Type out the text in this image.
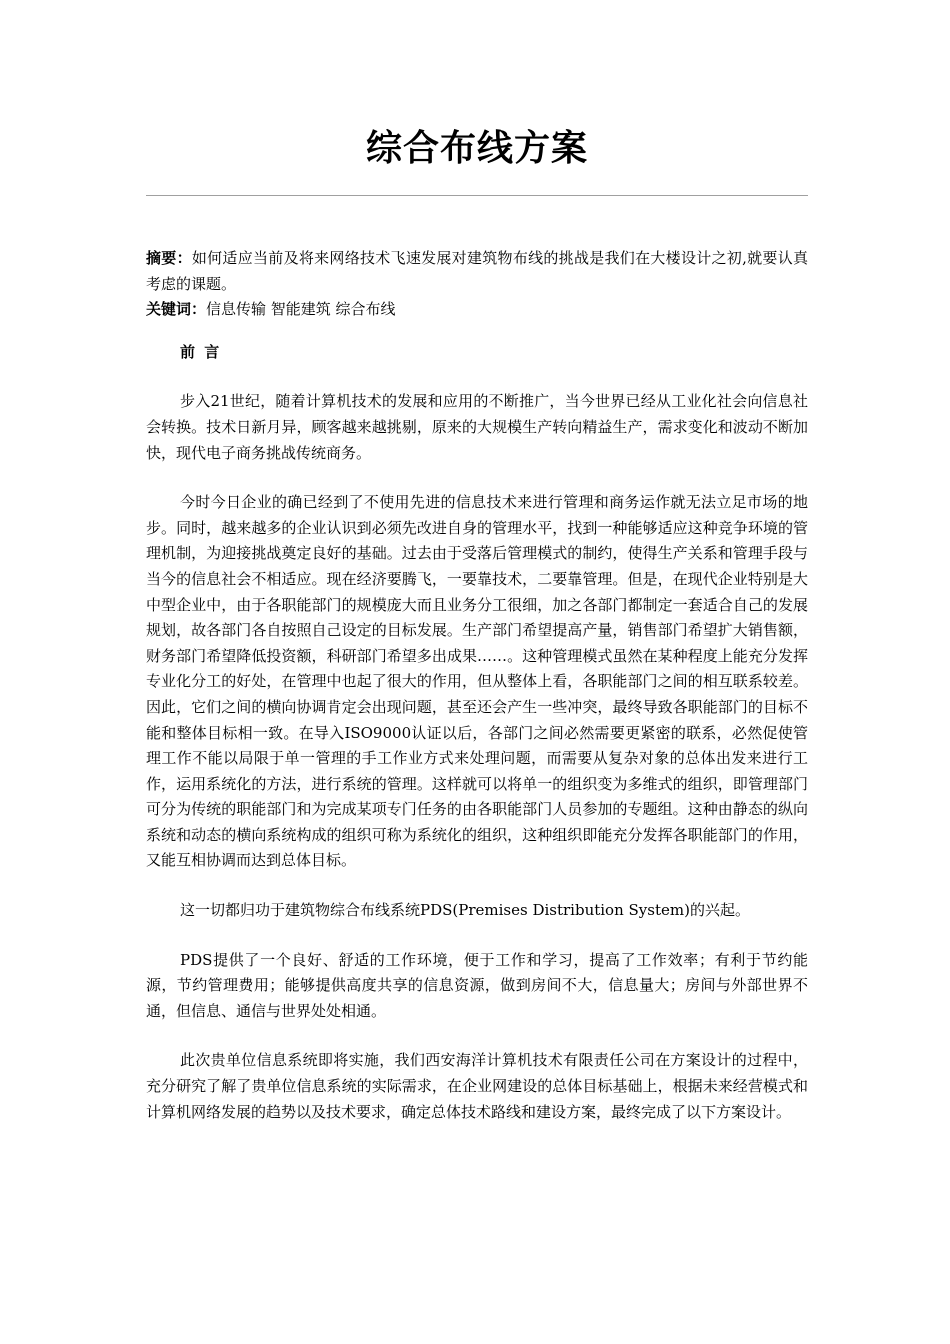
综合布线方案

摘要：如何适应当前及将来网络技术飞速发展对建筑物布线的挑战是我们在大楼设计之初,就要认真考虑的课题。

关键词：信息传输 智能建筑 综合布线

前 言

步入21世纪，随着计算机技术的发展和应用的不断推广，当今世界已经从工业化社会向信息社会转换。技术日新月异，顾客越来越挑剔，原来的大规模生产转向精益生产，需求变化和波动不断加快，现代电子商务挑战传统商务。

今时今日企业的确已经到了不使用先进的信息技术来进行管理和商务运作就无法立足市场的地步。同时，越来越多的企业认识到必须先改进自身的管理水平，找到一种能够适应这种竞争环境的管理机制，为迎接挑战奠定良好的基础。过去由于受落后管理模式的制约，使得生产关系和管理手段与当今的信息社会不相适应。现在经济要腾飞，一要靠技术，二要靠管理。但是，在现代企业特别是大中型企业中，由于各职能部门的规模庞大而且业务分工很细，加之各部门都制定一套适合自己的发展规划，故各部门各自按照自己设定的目标发展。生产部门希望提高产量，销售部门希望扩大销售额，财务部门希望降低投资额，科研部门希望多出成果……。这种管理模式虽然在某种程度上能充分发挥专业化分工的好处，在管理中也起了很大的作用，但从整体上看，各职能部门之间的相互联系较差。因此，它们之间的横向协调肯定会出现问题，甚至还会产生一些冲突，最终导致各职能部门的目标不能和整体目标相一致。在导入ISO9000认证以后，各部门之间必然需要更紧密的联系，必然促使管理工作不能以局限于单一管理的手工作业方式来处理问题，而需要从复杂对象的总体出发来进行工作，运用系统化的方法，进行系统的管理。这样就可以将单一的组织变为多维式的组织，即管理部门可分为传统的职能部门和为完成某项专门任务的由各职能部门人员参加的专题组。这种由静态的纵向系统和动态的横向系统构成的组织可称为系统化的组织，这种组织即能充分发挥各职能部门的作用，又能互相协调而达到总体目标。

这一切都归功于建筑物综合布线系统PDS(Premises Distribution System)的兴起。

PDS提供了一个良好、舒适的工作环境，便于工作和学习，提高了工作效率；有利于节约能源，节约管理费用；能够提供高度共享的信息资源，做到房间不大，信息量大；房间与外部世界不通，但信息、通信与世界处处相通。

此次贵单位信息系统即将实施，我们西安海洋计算机技术有限责任公司在方案设计的过程中，充分研究了解了贵单位信息系统的实际需求，在企业网建设的总体目标基础上，根据未来经营模式和计算机网络发展的趋势以及技术要求，确定总体技术路线和建设方案，最终完成了以下方案设计。
